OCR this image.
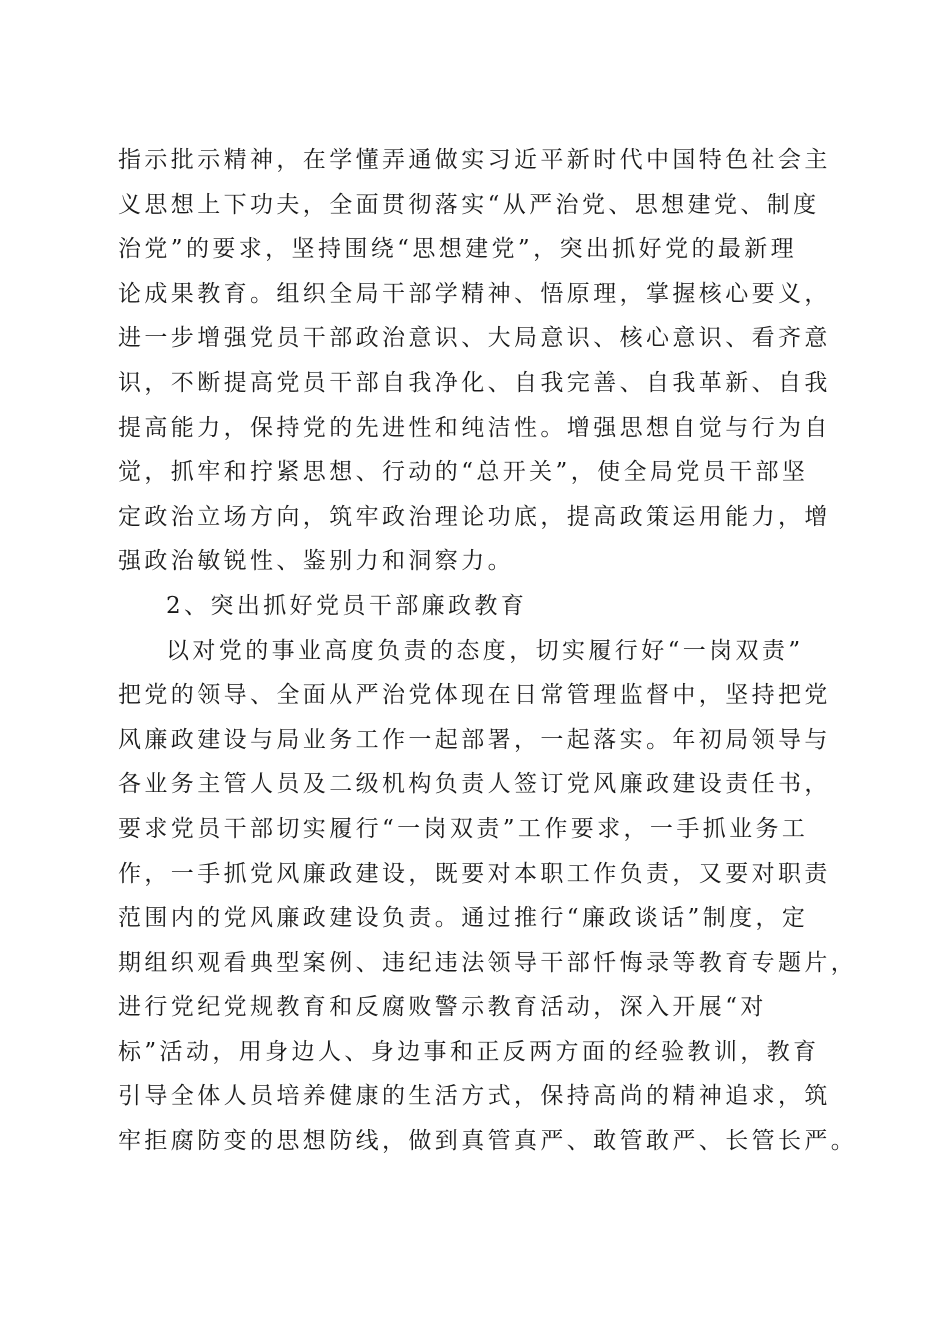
指示批示精神，在学懂弄通做实习近平新时代中国特色社会主
义思想上下功夫，全面贯彻落实“从严治党、思想建党、制度
治党”的要求，坚持围绕“思想建党”，突出抓好党的最新理
论成果教育。组织全局干部学精神、悟原理，掌握核心要义，
进一步增强党员干部政治意识、大局意识、核心意识、看齐意
识，不断提高党员干部自我净化、自我完善、自我革新、自我
提高能力，保持党的先进性和纯洁性。增强思想自觉与行为自
觉，抓牢和拧紧思想、行动的“总开关”，使全局党员干部坚
定政治立场方向，筑牢政治理论功底，提高政策运用能力，增
强政治敏锐性、鉴别力和洞察力。
2、突出抓好党员干部廉政教育
以对党的事业高度负责的态度，切实履行好“一岗双责”
把党的领导、全面从严治党体现在日常管理监督中，坚持把党
风廉政建设与局业务工作一起部署，一起落实。年初局领导与
各业务主管人员及二级机构负责人签订党风廉政建设责任书，
要求党员干部切实履行“一岗双责”工作要求，一手抓业务工
作，一手抓党风廉政建设，既要对本职工作负责，又要对职责
范围内的党风廉政建设负责。通过推行“廉政谈话”制度，定
期组织观看典型案例、违纪违法领导干部忏悔录等教育专题片，
进行党纪党规教育和反腐败警示教育活动，深入开展“对
标”活动，用身边人、身边事和正反两方面的经验教训，教育
引导全体人员培养健康的生活方式，保持高尚的精神追求，筑
牢拒腐防变的思想防线，做到真管真严、敢管敢严、长管长严。
